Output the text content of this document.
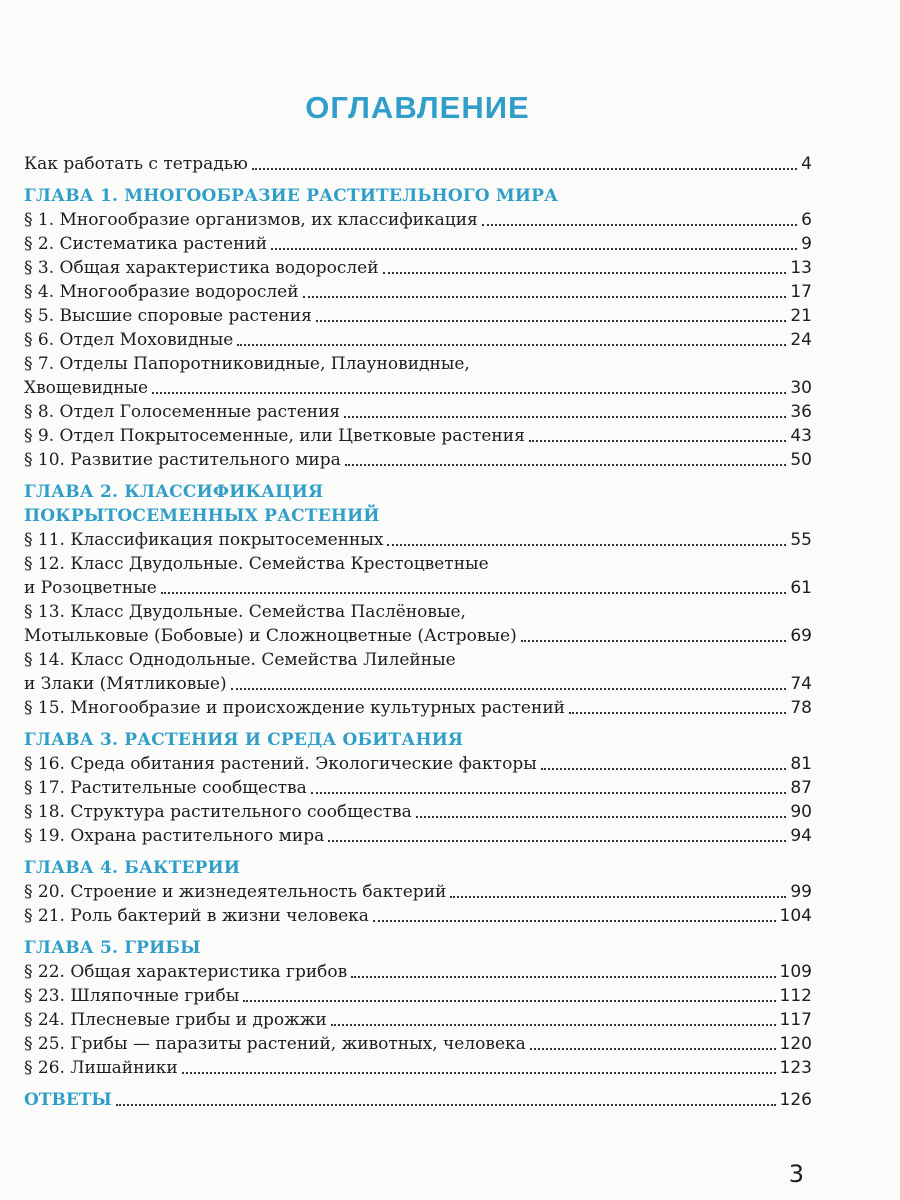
ОГЛАВЛЕНИЕ
Как работать с тетрадью	4
ГЛАВА 1. МНОГООБРАЗИЕ РАСТИТЕЛЬНОГО МИРА
§ 1. Многообразие организмов, их классификация	6
§ 2. Систематика растений	9
§ 3. Общая характеристика водорослей	13
§ 4. Многообразие водорослей	17
§ 5. Высшие споровые растения	21
§ 6. Отдел Моховидные	24
§ 7. Отделы Папоротниковидные, Плауновидные,
Хвощевидные	30
§ 8. Отдел Голосеменные растения	36
§ 9. Отдел Покрытосеменные, или Цветковые растения	43
§ 10. Развитие растительного мира	50
ГЛАВА 2. КЛАССИФИКАЦИЯ
ПОКРЫТОСЕМЕННЫХ РАСТЕНИЙ
§ 11. Классификация покрытосеменных	55
§ 12. Класс Двудольные. Семейства Крестоцветные
и Розоцветные	61
§ 13. Класс Двудольные. Семейства Паслёновые,
Мотыльковые (Бобовые) и Сложноцветные (Астровые)	69
§ 14. Класс Однодольные. Семейства Лилейные
и Злаки (Мятликовые)	74
§ 15. Многообразие и происхождение культурных растений	78
ГЛАВА 3. РАСТЕНИЯ И СРЕДА ОБИТАНИЯ
§ 16. Среда обитания растений. Экологические факторы	81
§ 17. Растительные сообщества	87
§ 18. Структура растительного сообщества	90
§ 19. Охрана растительного мира	94
ГЛАВА 4. БАКТЕРИИ
§ 20. Строение и жизнедеятельность бактерий	99
§ 21. Роль бактерий в жизни человека	104
ГЛАВА 5. ГРИБЫ
§ 22. Общая характеристика грибов	109
§ 23. Шляпочные грибы	112
§ 24. Плесневые грибы и дрожжи	117
§ 25. Грибы — паразиты растений, животных, человека	120
§ 26. Лишайники	123
ОТВЕТЫ	126
3
